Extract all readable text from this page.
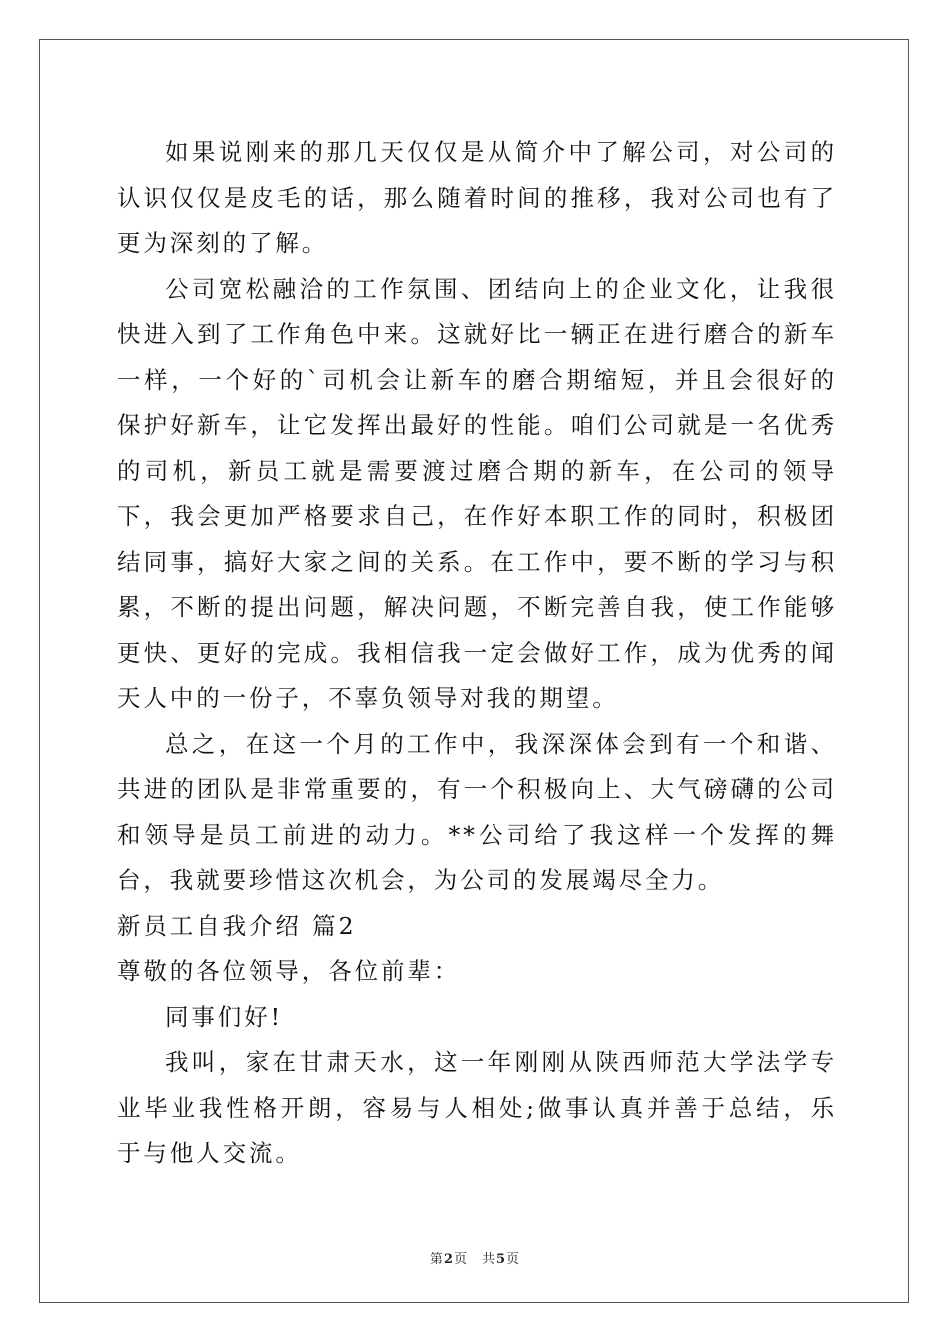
如果说刚来的那几天仅仅是从简介中了解公司，对公司的认识仅仅是皮毛的话，那么随着时间的推移，我对公司也有了更为深刻的了解。

公司宽松融洽的工作氛围、团结向上的企业文化，让我很快进入到了工作角色中来。这就好比一辆正在进行磨合的新车一样，一个好的`司机会让新车的磨合期缩短，并且会很好的保护好新车，让它发挥出最好的性能。咱们公司就是一名优秀的司机，新员工就是需要渡过磨合期的新车，在公司的领导下，我会更加严格要求自己，在作好本职工作的同时，积极团结同事，搞好大家之间的关系。在工作中，要不断的学习与积累，不断的提出问题，解决问题，不断完善自我，使工作能够更快、更好的完成。我相信我一定会做好工作，成为优秀的闻天人中的一份子，不辜负领导对我的期望。

总之，在这一个月的工作中，我深深体会到有一个和谐、共进的团队是非常重要的，有一个积极向上、大气磅礴的公司和领导是员工前进的动力。**公司给了我这样一个发挥的舞台，我就要珍惜这次机会，为公司的发展竭尽全力。

新员工自我介绍 篇2

尊敬的各位领导，各位前辈：

同事们好!

我叫，家在甘肃天水，这一年刚刚从陕西师范大学法学专业毕业我性格开朗，容易与人相处;做事认真并善于总结，乐于与他人交流。

第2页　共5页
